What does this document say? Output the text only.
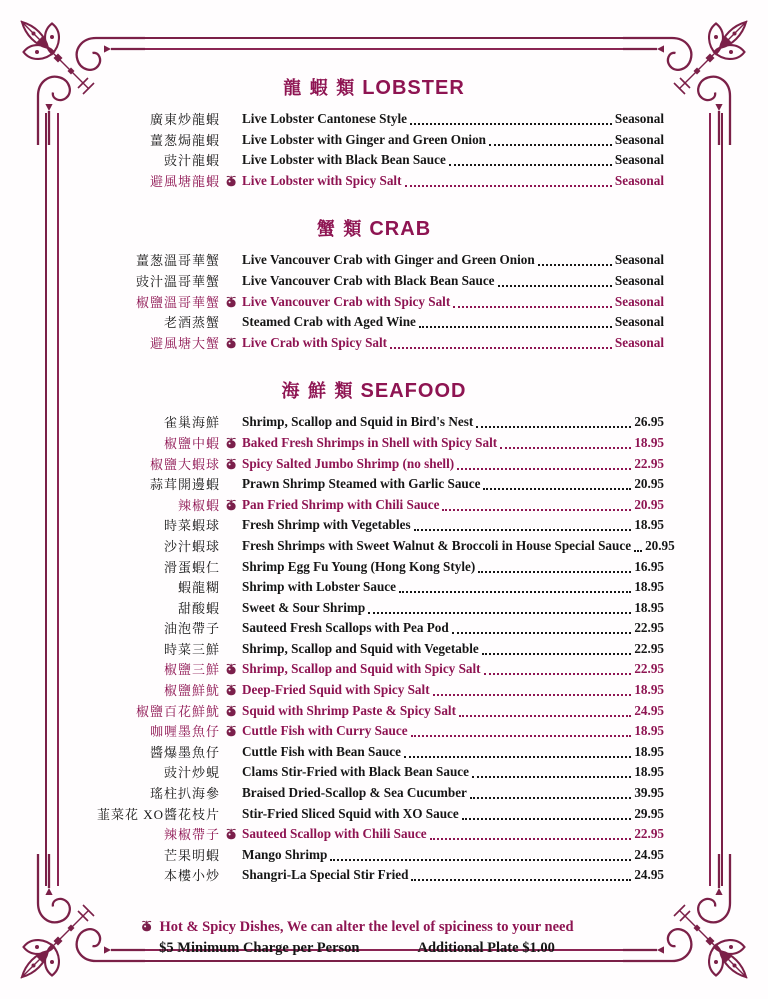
龍 蝦 類 LOBSTER
廣東炒龍蝦 Live Lobster Cantonese Style	Seasonal
薑葱焗龍蝦 Live Lobster with Ginger and Green Onion	Seasonal
豉汁龍蝦 Live Lobster with Black Bean Sauce	Seasonal
避風塘龍蝦 Live Lobster with Spicy Salt	Seasonal
蟹 類 CRAB
薑葱溫哥華蟹 Live Vancouver Crab with Ginger and Green Onion	Seasonal
豉汁溫哥華蟹 Live Vancouver Crab with Black Bean Sauce	Seasonal
椒鹽溫哥華蟹 Live Vancouver Crab with Spicy Salt	Seasonal
老酒蒸蟹 Steamed Crab with Aged Wine	Seasonal
避風塘大蟹 Live Crab with Spicy Salt	Seasonal
海 鮮 類 SEAFOOD
雀巢海鮮 Shrimp, Scallop and Squid in Bird's Nest	26.95
椒鹽中蝦 Baked Fresh Shrimps in Shell with Spicy Salt	18.95
椒鹽大蝦球 Spicy Salted Jumbo Shrimp (no shell)	22.95
蒜茸開邊蝦 Prawn Shrimp Steamed with Garlic Sauce	20.95
辣椒蝦 Pan Fried Shrimp with Chili Sauce	20.95
時菜蝦球 Fresh Shrimp with Vegetables	18.95
沙汁蝦球 Fresh Shrimps with Sweet Walnut & Broccoli in House Special Sauce 20.95
滑蛋蝦仁 Shrimp Egg Fu Young (Hong Kong Style)	16.95
蝦龍糊 Shrimp with Lobster Sauce	18.95
甜酸蝦 Sweet & Sour Shrimp	18.95
油泡帶子 Sauteed Fresh Scallops with Pea Pod	22.95
時菜三鮮 Shrimp, Scallop and Squid with Vegetable	22.95
椒鹽三鮮 Shrimp, Scallop and Squid with Spicy Salt	22.95
椒鹽鮮魷 Deep-Fried Squid with Spicy Salt	18.95
椒鹽百花鮮魷 Squid with Shrimp Paste & Spicy Salt	24.95
咖喱墨魚仔 Cuttle Fish with Curry Sauce	18.95
醬爆墨魚仔 Cuttle Fish with Bean Sauce	18.95
豉汁炒蜆 Clams Stir-Fried with Black Bean Sauce	18.95
瑤柱扒海參 Braised Dried-Scallop & Sea Cucumber	39.95
韮菜花 XO醬花枝片 Stir-Fried Sliced Squid with XO Sauce	29.95
辣椒帶子 Sauteed Scallop with Chili Sauce	22.95
芒果明蝦 Mango Shrimp	24.95
本樓小炒 Shangri-La Special Stir Fried	24.95
Hot & Spicy Dishes, We can alter the level of spiciness to your need
$5 Minimum Charge per Person	Additional Plate $1.00
